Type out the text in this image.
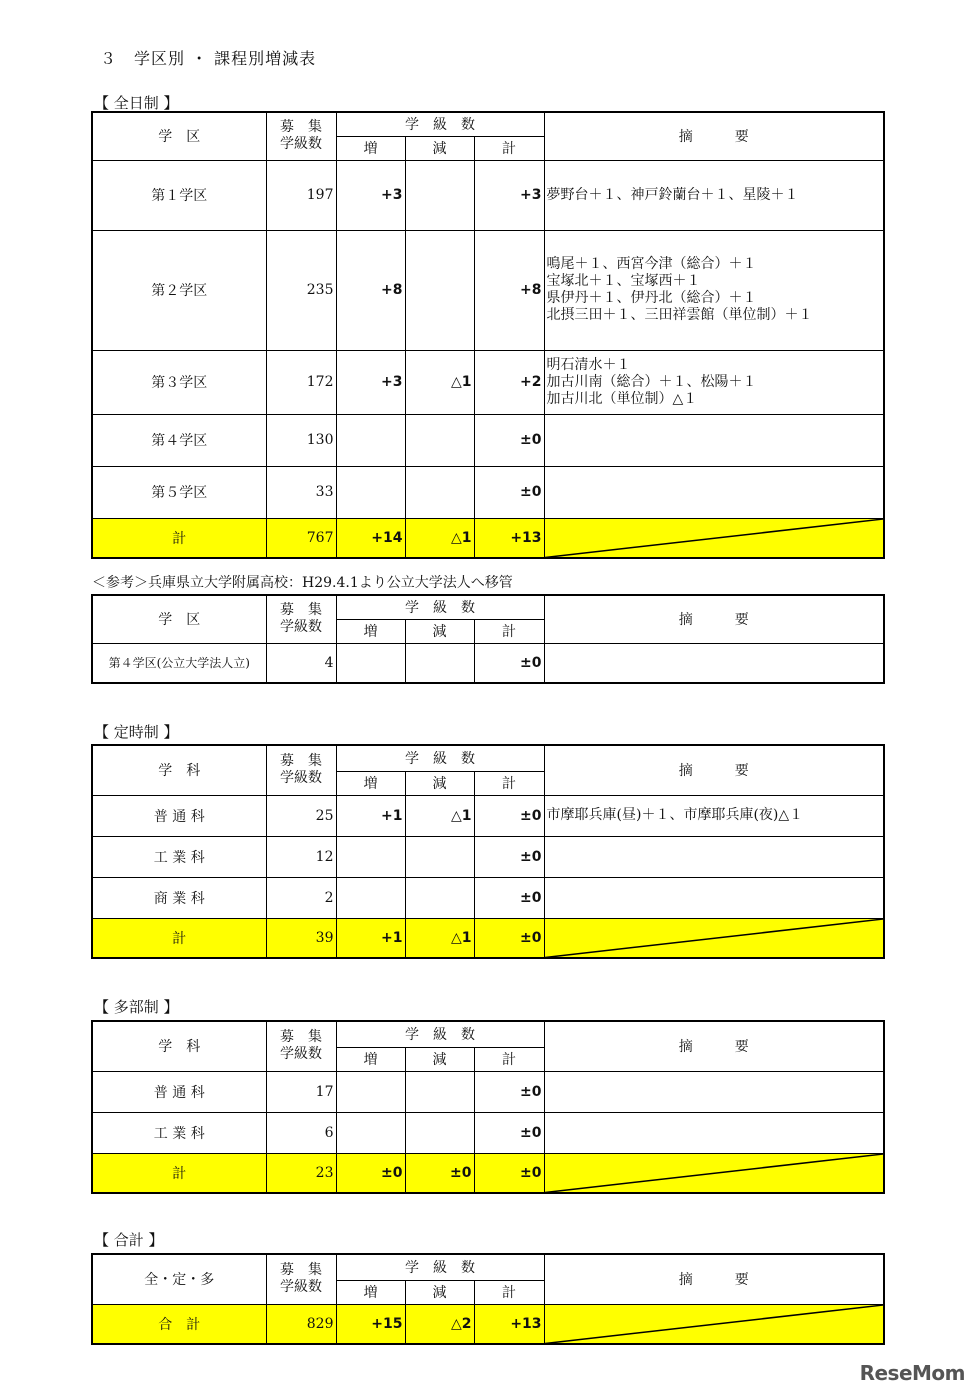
３　学区別 ・ 課程別増減表
【 全日制 】
学　区	募　集
学級数	学　級　数			摘　　　要
		増	減	計	
第１学区	197	+3		+3	夢野台＋１、神戸鈴蘭台＋１、星陵＋１

第２学区	235	+8		+8	鳴尾＋１、西宮今津（総合）＋１
宝塚北＋１、宝塚西＋１
県伊丹＋１、伊丹北（総合）＋１
北摂三田＋１、三田祥雲館（単位制）＋１

第３学区	172	+3	△1	+2	明石清水＋１
加古川南（総合）＋１、松陽＋１
加古川北（単位制）△１

第４学区	130			±0	
第５学区	33			±0	
計	767	+14	△1	+13	
＜参考＞兵庫県立大学附属高校：H29.4.1より公立大学法人へ移管
学　区	募　集
学級数	学　級　数			摘　　　要
		増	減	計	
第４学区(公立大学法人立)	4			±0	
【 定時制 】
学　科	募　集
学級数	学　級　数			摘　　　要
		増	減	計	
普 通 科	25	+1	△1	±0	市摩耶兵庫(昼)＋１、市摩耶兵庫(夜)△１

工 業 科	12			±0	
商 業 科	2			±0	
計	39	+1	△1	±0	
【 多部制 】
学　科	募　集
学級数	学　級　数			摘　　　要
		増	減	計	
普 通 科	17			±0	
工 業 科	6			±0	
計	23	±0	±0	±0	
【 合計 】
全・定・多	募　集
学級数	学　級　数			摘　　　要
		増	減	計	
合　計	829	+15	△2	+13	
ReseMom
